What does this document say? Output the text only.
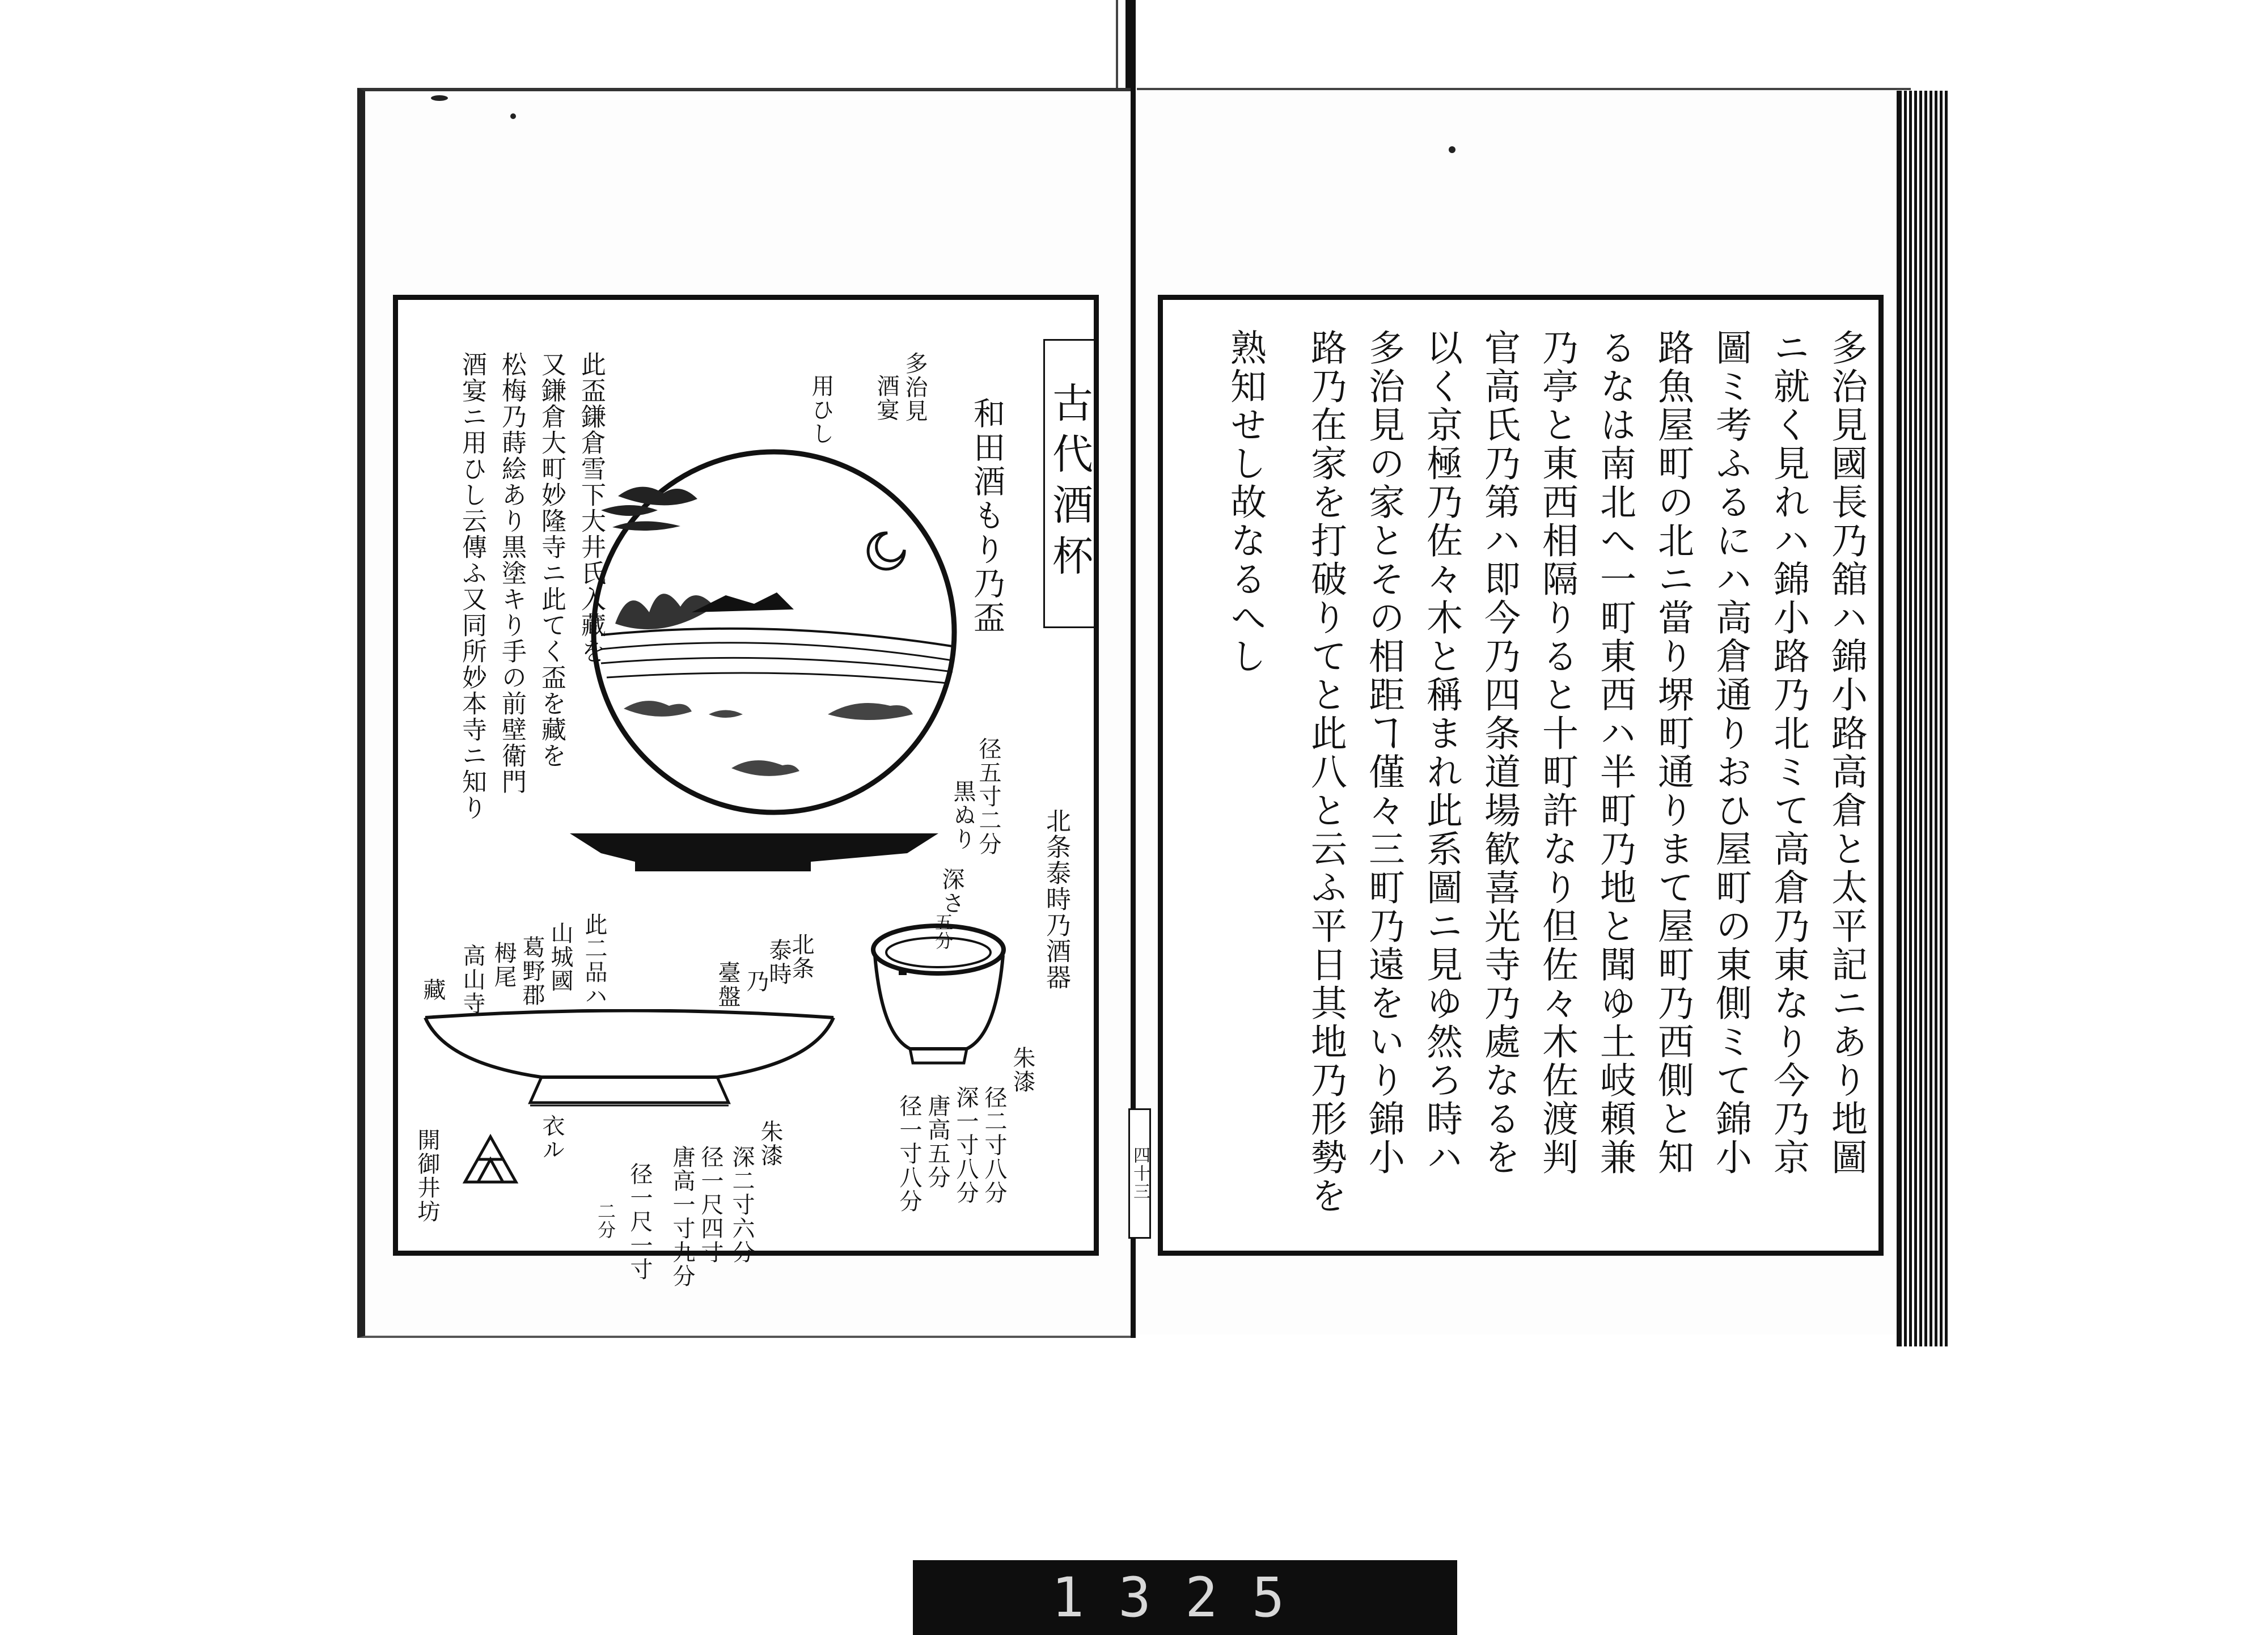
古代酒杯
和田酒もり乃盃
径五寸二分
黒ぬり
深さ
五分
多治見
酒宴
用ひし
此盃鎌倉雪下大井氏入藏を
又鎌倉大町妙隆寺ニ此てく盃を藏を
松梅乃蒔絵あり黒塗キり手の前壁衛門
酒宴ニ用ひし云傳ふ又同所妙本寺ニ知り
北条泰時乃酒器
朱漆
径二寸八分
深一寸八分
唐高五分
径一寸八分
北条
泰時
乃
臺盤
此二品ハ
山城國
葛野郡
栂尾
高山寺
藏
朱漆
深二寸六分
径一尺四寸
唐高一寸九分
径一尺一寸
二分
衣ル
開御井坊	四十三	多治見國長乃舘ハ錦小路高倉と太平記ニあり地圖
ニ就く見れハ錦小路乃北ミて高倉乃東なり今乃京
圖ミ考ふるにハ高倉通りおひ屋町の東側ミて錦小
路魚屋町の北ニ當り堺町通りまて屋町乃西側と知
るなは南北へ一町東西ハ半町乃地と聞ゆ土岐頼兼
乃亭と東西相隔りると十町許なり但佐々木佐渡判
官高氏乃第ハ即今乃四条道場歓喜光寺乃處なるを
以く京極乃佐々木と稱まれ此系圖ニ見ゆ然ろ時ハ
多治見の家とその相距ヿ僅々三町乃遠をいり錦小
路乃在家を打破りてと此八と云ふ平日其地乃形勢を
熟知せし故なるへし
1325
